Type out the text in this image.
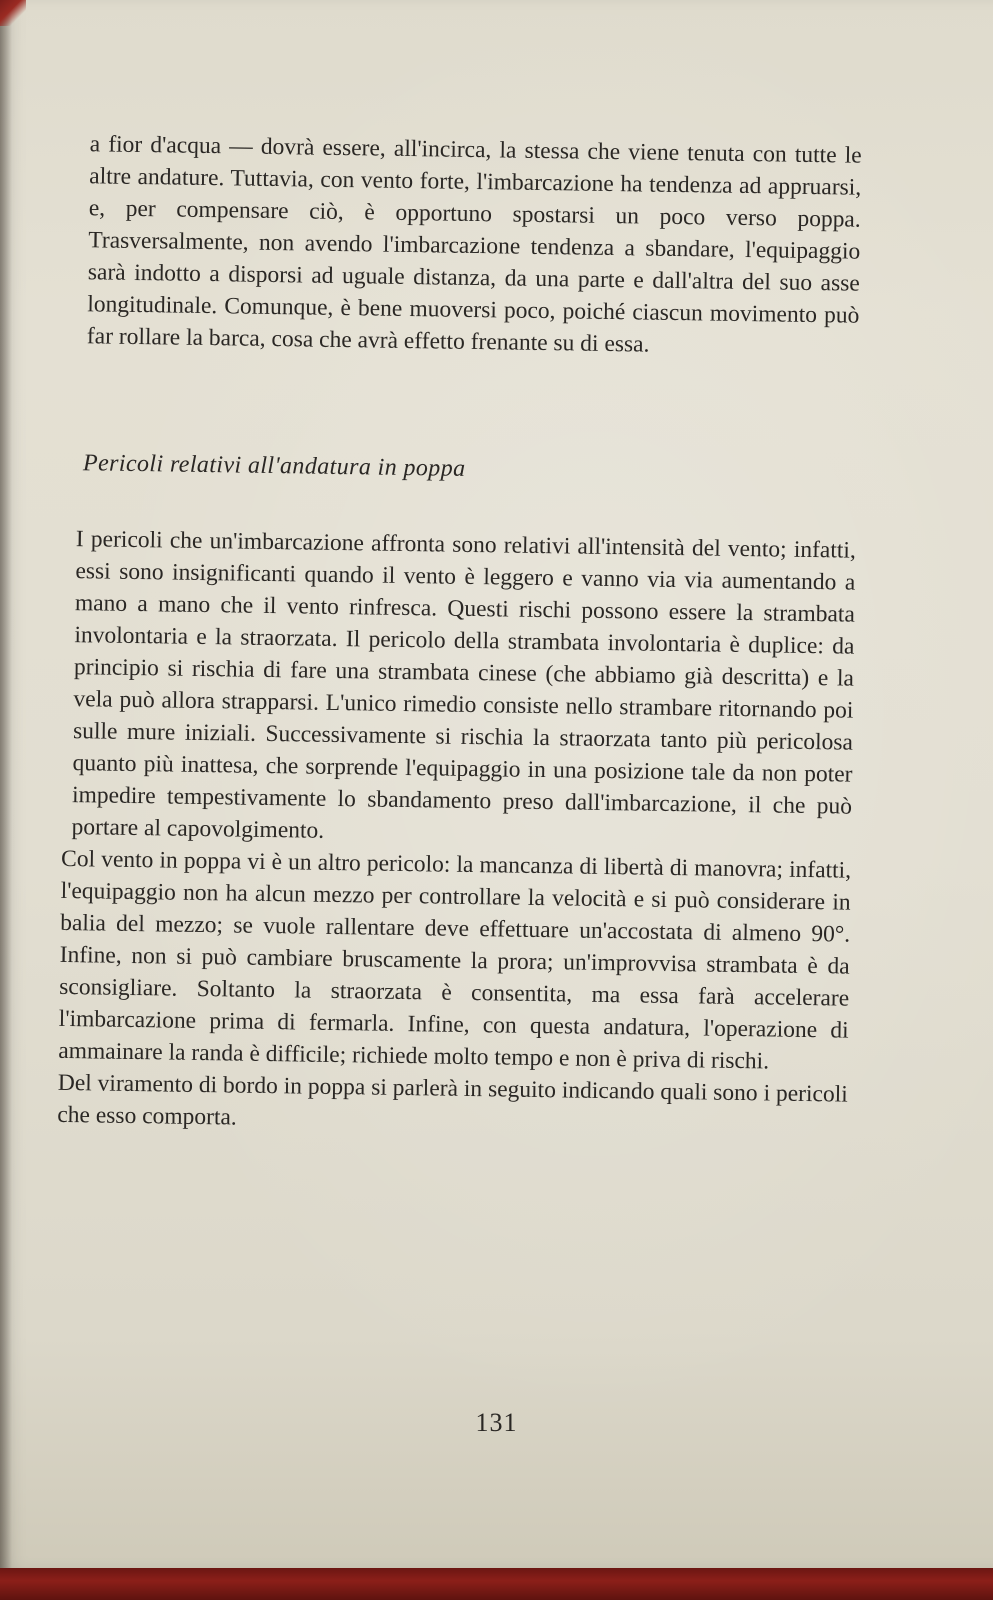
a fior d'acqua — dovrà essere, all'incirca, la stessa che viene tenuta con tutte le altre andature. Tuttavia, con vento forte, l'imbarcazione ha tendenza ad appruarsi, e, per compensare ciò, è opportuno spostarsi un poco verso poppa. Trasversalmente, non avendo l'imbarcazione tendenza a sbandare, l'equipaggio sarà indotto a disporsi ad uguale distanza, da una parte e dall'altra del suo asse longitudinale. Comunque, è bene muoversi poco, poiché ciascun movimento può far rollare la barca, cosa che avrà effetto frenante su di essa.

Pericoli relativi all'andatura in poppa

I pericoli che un'imbarcazione affronta sono relativi all'intensità del vento; infatti, essi sono insignificanti quando il vento è leggero e vanno via via aumentando a mano a mano che il vento rinfresca. Questi rischi possono essere la strambata involontaria e la straorzata. Il pericolo della strambata involontaria è duplice: da principio si rischia di fare una strambata cinese (che abbiamo già descritta) e la vela può allora strapparsi. L'unico rimedio consiste nello strambare ritornando poi sulle mure iniziali. Successivamente si rischia la straorzata tanto più pericolosa quanto più inattesa, che sorprende l'equipaggio in una posizione tale da non poter impedire tempestivamente lo sbandamento preso dall'imbarcazione, il che può portare al capovolgimento.

Col vento in poppa vi è un altro pericolo: la mancanza di libertà di manovra; infatti, l'equipaggio non ha alcun mezzo per controllare la velocità e si può considerare in balia del mezzo; se vuole rallentare deve effettuare un'accostata di almeno 90°. Infine, non si può cambiare bruscamente la prora; un'improvvisa strambata è da sconsigliare. Soltanto la straorzata è consentita, ma essa farà accelerare l'imbarcazione prima di fermarla. Infine, con questa andatura, l'operazione di ammainare la randa è difficile; richiede molto tempo e non è priva di rischi.

Del viramento di bordo in poppa si parlerà in seguito indicando quali sono i pericoli che esso comporta.

131
